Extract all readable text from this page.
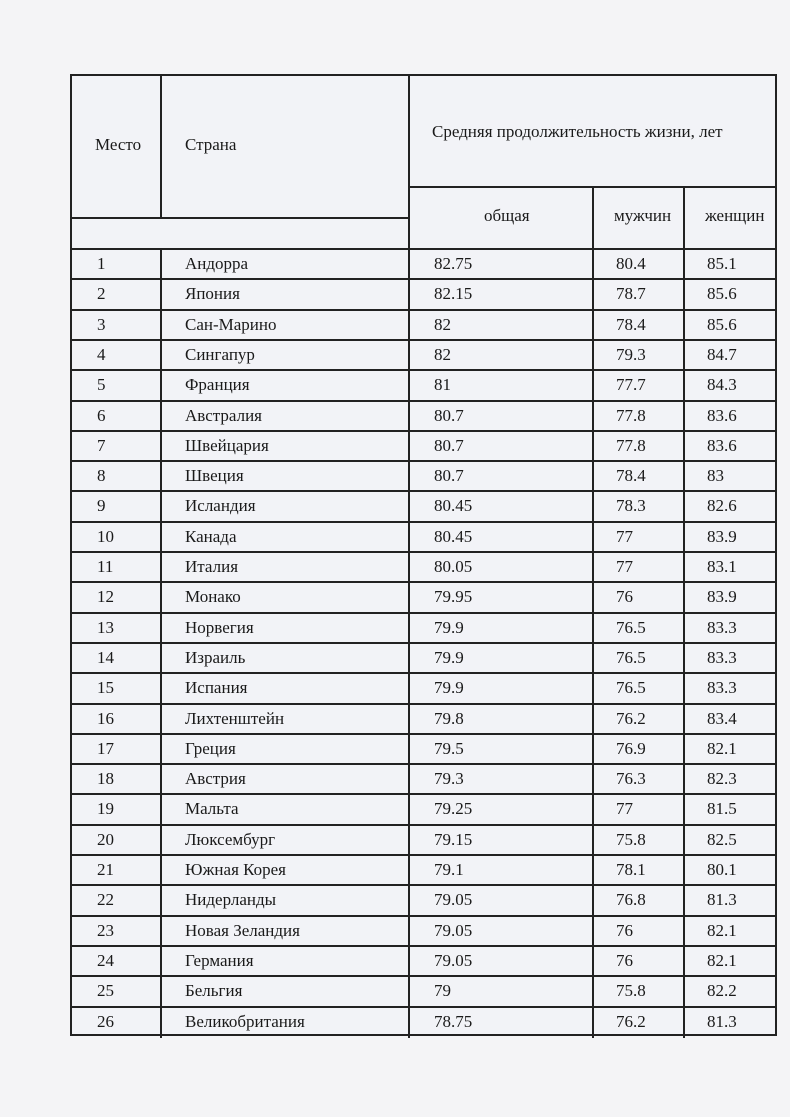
Место	Страна
Средняя продолжительность жизни, лет
общая	мужчин женщин
1	Андорра	82.75	80.4	85.1
2	Япония	82.15	78.7	85.6
3	Сан-Марино	82	78.4	85.6
4	Сингапур	82	79.3	84.7
5	Франция	81	77.7	84.3
6	Австралия	80.7	77.8	83.6
7	Швейцария	80.7	77.8	83.6
8	Швеция	80.7	78.4	83
9	Исландия	80.45	78.3	82.6
10	Канада	80.45	77	83.9
11	Италия	80.05	77	83.1
12	Монако	79.95	76	83.9
13	Норвегия	79.9	76.5	83.3
14	Израиль	79.9	76.5	83.3
15	Испания	79.9	76.5	83.3
16	Лихтенштейн	79.8	76.2	83.4
17	Греция	79.5	76.9	82.1
18	Австрия	79.3	76.3	82.3
19	Мальта	79.25	77	81.5
20	Люксембург	79.15	75.8	82.5
21	Южная Корея	79.1	78.1	80.1
22	Нидерланды	79.05	76.8	81.3
23	Новая Зеландия	79.05	76	82.1
24	Германия	79.05	76	82.1
25	Бельгия	79	75.8	82.2
26	Великобритания	78.75	76.2	81.3
